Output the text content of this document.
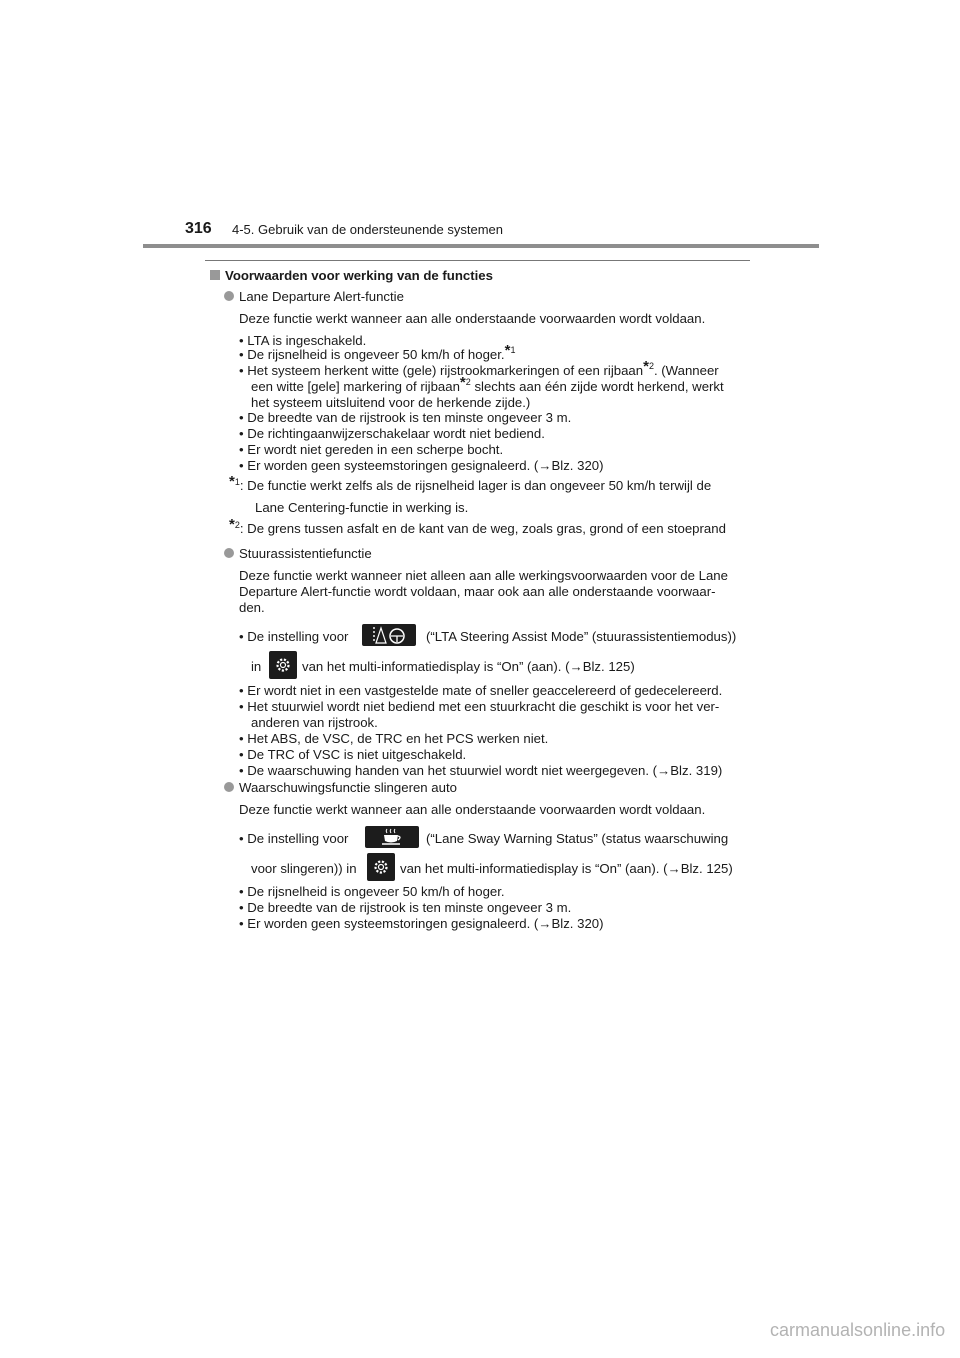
316 4-5. Gebruik van de ondersteunende systemen
Voorwaarden voor werking van de functies
Lane Departure Alert-functie
Deze functie werkt wanneer aan alle onderstaande voorwaarden wordt voldaan.
• LTA is ingeschakeld.
• De rijsnelheid is ongeveer 50 km/h of hoger.*$^1$
• Het systeem herkent witte (gele) rijstrookmarkeringen of een rijbaan*$^2$. (Wanneer
een witte [gele] markering of rijbaan*$^2$ slechts aan één zijde wordt herkend, werkt
het systeem uitsluitend voor de herkende zijde.)
• De breedte van de rijstrook is ten minste ongeveer 3 m.
• De richtingaanwijzerschakelaar wordt niet bediend.
• Er wordt niet gereden in een scherpe bocht.
• Er worden geen systeemstoringen gesignaleerd. (→Blz. 320)
*$^1$: De functie werkt zelfs als de rijsnelheid lager is dan ongeveer 50 km/h terwijl de
Lane Centering-functie in werking is.
*$^2$: De grens tussen asfalt en de kant van de weg, zoals gras, grond of een stoeprand
Stuurassistentiefunctie
Deze functie werkt wanneer niet alleen aan alle werkingsvoorwaarden voor de Lane
Departure Alert-functie wordt voldaan, maar ook aan alle onderstaande voorwaar-
den.
• De instelling voor	(“LTA Steering Assist Mode” (stuurassistentiemodus))
in	van het multi-informatiedisplay is “On” (aan). (→Blz. 125)
• Er wordt niet in een vastgestelde mate of sneller geaccelereerd of gedecelereerd.
• Het stuurwiel wordt niet bediend met een stuurkracht die geschikt is voor het ver-
anderen van rijstrook.
• Het ABS, de VSC, de TRC en het PCS werken niet.
• De TRC of VSC is niet uitgeschakeld.
• De waarschuwing handen van het stuurwiel wordt niet weergegeven. (→Blz. 319)
Waarschuwingsfunctie slingeren auto
Deze functie werkt wanneer aan alle onderstaande voorwaarden wordt voldaan.
• De instelling voor	(“Lane Sway Warning Status” (status waarschuwing
voor slingeren)) in	van het multi-informatiedisplay is “On” (aan). (→Blz. 125)
• De rijsnelheid is ongeveer 50 km/h of hoger.
• De breedte van de rijstrook is ten minste ongeveer 3 m.
• Er worden geen systeemstoringen gesignaleerd. (→Blz. 320)
carmanualsonline.info
